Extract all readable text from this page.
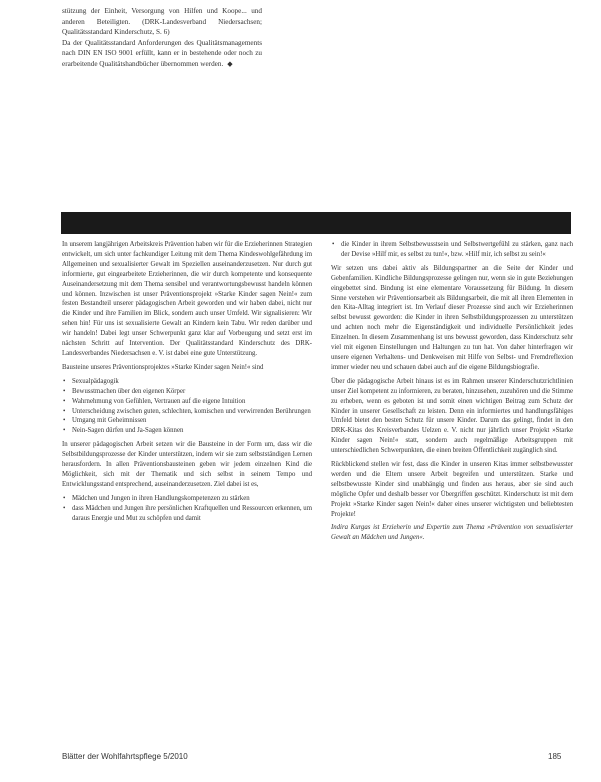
stützung der Einheit, Versorgung von Hilfen und Koope... und anderen Beteiligten. (DRK-Landesverband Niedersachsen; Qualitätsstandard Kinderschutz, S. 6)

Da der Qualitätsstandard Anforderungen des Qualitätsmanagements nach DIN EN ISO 9001 erfüllt, kann er in bestehende oder noch zu erarbeitende Qualitätshandbücher übernommen werden. ◆

In unserem langjährigen Arbeitskreis Prävention haben wir für die Erzieherinnen Strategien entwickelt, um sich unter fachkundiger Leitung mit dem Thema Kindeswohlgefährdung im Allgemeinen und sexualisierter Gewalt im Speziellen auseinanderzusetzen. Nur durch gut informierte, gut eingearbeitete Erzieherinnen, die wir durch kompetente und konsequente Auseinandersetzung mit dem Thema sensibel und verantwortungsbewusst handeln können und können. Inzwischen ist unser Präventionsprojekt »Starke Kinder sagen Nein!« zum festen Bestandteil unserer pädagogischen Arbeit geworden und wir haben dabei, nicht nur die Kinder und ihre Familien im Blick, sondern auch unser Umfeld. Wir signalisieren: Wir sehen hin! Für uns ist sexualisierte Gewalt an Kindern kein Tabu. Wir reden darüber und wir handeln! Dabei legt unser Schwerpunkt ganz klar auf Vorbeugung und setzt erst im nächsten Schritt auf Intervention. Der Qualitätsstandard Kinderschutz des DRK-Landesverbandes Niedersachsen e. V. ist dabei eine gute Unterstützung.

Bausteine unseres Präventionsprojektes »Starke Kinder sagen Nein!« sind

• Sexualpädagogik
• Bewusstmachen über den eigenen Körper
• Wahrnehmung von Gefühlen, Vertrauen auf die eigene Intuition
• Unterscheidung zwischen guten, schlechten, komischen und verwirrenden Berührungen
• Umgang mit Geheimnissen
• Nein-Sagen dürfen und Ja-Sagen können

In unserer pädagogischen Arbeit setzen wir die Bausteine in der Form um, dass wir die Selbstbildungsprozesse der Kinder unterstützen, indem wir sie zum selbstständigen Lernen herausfordern. In allen Präventionsbausteinen geben wir jedem einzelnen Kind die Möglichkeit, sich mit der Thematik und sich selbst in seinem Tempo und Entwicklungsstand entsprechend, auseinanderzusetzen. Ziel dabei ist es,

• Mädchen und Jungen in ihren Handlungskompetenzen zu stärken
• dass Mädchen und Jungen ihre persönlichen Kraftquellen und Ressourcen erkennen, um daraus Energie und Mut zu schöpfen und damit
• die Kinder in ihrem Selbstbewusstsein und Selbstwertgefühl zu stärken, ganz nach der Devise »Hilf mir, es selbst zu tun!«, bzw. »Hilf mir, ich selbst zu sein!«

Wir setzen uns dabei aktiv als Bildungspartner an die Seite der Kinder und Gebenfamilien. Kindliche Bildungsprozesse gelingen nur, wenn sie in gute Beziehungen eingebettet sind. Bindung ist eine elementare Voraussetzung für Bildung. In diesem Sinne verstehen wir Präventionsarbeit als Bildungsarbeit, die mit all ihren Elementen in den Kita-Alltag integriert ist. Im Verlauf dieser Prozesse sind auch wir Erzieherinnen selbst bewusst geworden: die Kinder in ihren Selbstbildungsprozessen zu unterstützen und achten noch mehr die Eigenständigkeit und individuelle Persönlichkeit jedes Einzelnen. In diesem Zusammenhang ist uns bewusst geworden, dass Kinderschutz sehr viel mit eigenen Einstellungen und Haltungen zu tun hat. Von daher hinterfragen wir unsere eigenen Verhaltens- und Denkweisen mit Hilfe von Selbst- und Fremdreflexion immer wieder neu und schauen dabei auch auf die eigene Bildungsbiografie.

Über die pädagogische Arbeit hinaus ist es im Rahmen unserer Kinderschutzrichtlinien unser Ziel kompetent zu informieren, zu beraten, hinzusehen, zuzuhören und die Stimme zu erheben, wenn es geboten ist und somit einen wichtigen Beitrag zum Schutz der Kinder in unserer Gesellschaft zu leisten. Denn ein informiertes und handlungsfähiges Umfeld bietet den besten Schutz für unsere Kinder. Darum das gelingt, findet in den DRK-Kitas des Kreisverbandes Uelzen e. V. nicht nur jährlich unser Projekt »Starke Kinder sagen Nein!« statt, sondern auch regelmäßige Arbeitsgruppen mit unterschiedlichen Schwerpunkten, die einen breiten Öffentlichkeit zugänglich sind.

Rückblickend stellen wir fest, dass die Kinder in unseren Kitas immer selbstbewusster werden und die Eltern unsere Arbeit begreifen und unterstützen. Starke und selbstbewusste Kinder sind unabhängig und finden aus heraus, aber sie sind auch mögliche Opfer und deshalb besser vor Übergriffen geschützt. Kinderschutz ist mit dem Projekt »Starke Kinder sagen Nein!« daher eines unserer wichtigsten und beliebtesten Projekte!

Indira Kurgas ist Erzieherin und Expertin zum Thema »Prävention von sexualisierter Gewalt an Mädchen und Jungen«.

Blätter der Wohlfahrtspflege 5/2010	185
